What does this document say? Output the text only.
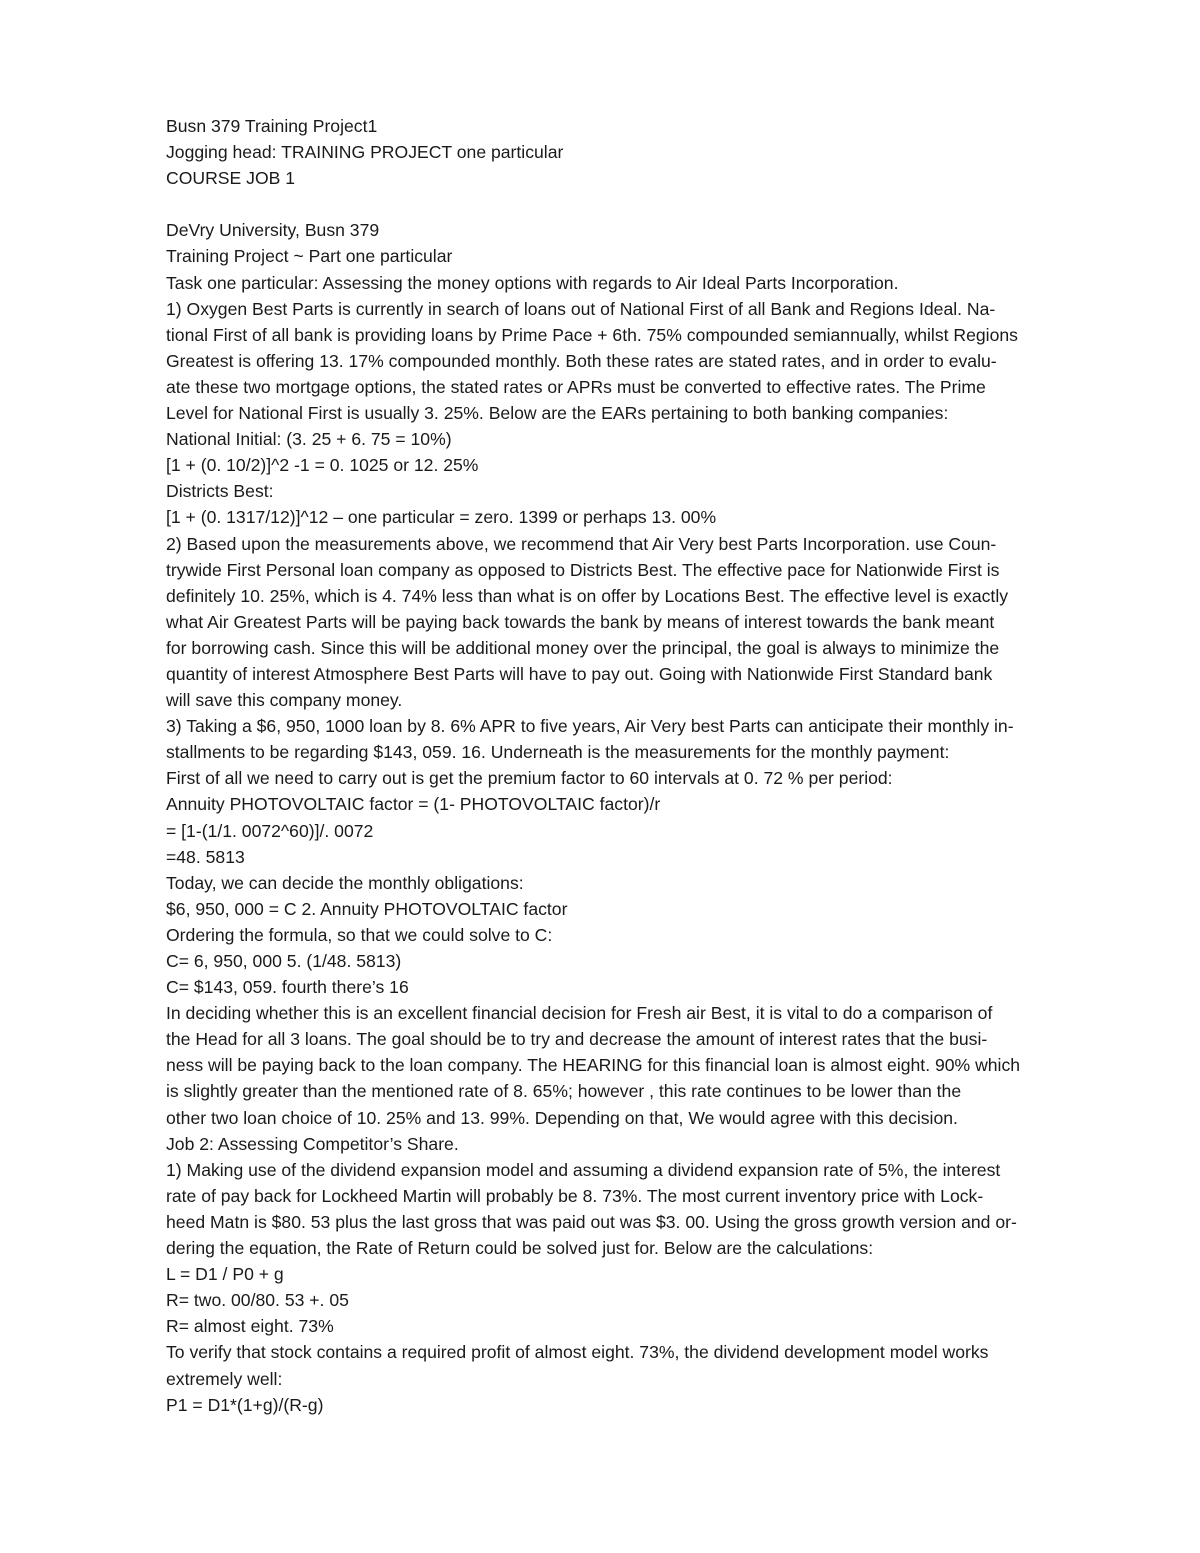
Busn 379 Training Project1
Jogging head: TRAINING PROJECT one particular
COURSE JOB 1
DeVry University, Busn 379
Training Project ~ Part one particular
Task one particular: Assessing the money options with regards to Air Ideal Parts Incorporation.
1) Oxygen Best Parts is currently in search of loans out of National First of all Bank and Regions Ideal. Na-
tional First of all bank is providing loans by Prime Pace + 6th. 75% compounded semiannually, whilst Regions
Greatest is offering 13. 17% compounded monthly. Both these rates are stated rates, and in order to evalu-
ate these two mortgage options, the stated rates or APRs must be converted to effective rates. The Prime
Level for National First is usually 3. 25%. Below are the EARs pertaining to both banking companies:
National Initial: (3. 25 + 6. 75 = 10%)
[1 + (0. 10/2)]^2 -1 = 0. 1025 or 12. 25%
Districts Best:
[1 + (0. 1317/12)]^12 – one particular = zero. 1399 or perhaps 13. 00%
2) Based upon the measurements above, we recommend that Air Very best Parts Incorporation. use Coun-
trywide First Personal loan company as opposed to Districts Best. The effective pace for Nationwide First is
definitely 10. 25%, which is 4. 74% less than what is on offer by Locations Best. The effective level is exactly
what Air Greatest Parts will be paying back towards the bank by means of interest towards the bank meant
for borrowing cash. Since this will be additional money over the principal, the goal is always to minimize the
quantity of interest Atmosphere Best Parts will have to pay out. Going with Nationwide First Standard bank
will save this company money.
3) Taking a $6, 950, 1000 loan by 8. 6% APR to five years, Air Very best Parts can anticipate their monthly in-
stallments to be regarding $143, 059. 16. Underneath is the measurements for the monthly payment:
First of all we need to carry out is get the premium factor to 60 intervals at 0. 72 % per period:
Annuity PHOTOVOLTAIC factor = (1- PHOTOVOLTAIC factor)/r
= [1-(1/1. 0072^60)]/. 0072
=48. 5813
Today, we can decide the monthly obligations:
$6, 950, 000 = C 2. Annuity PHOTOVOLTAIC factor
Ordering the formula, so that we could solve to C:
C= 6, 950, 000 5. (1/48. 5813)
C= $143, 059. fourth there’s 16
In deciding whether this is an excellent financial decision for Fresh air Best, it is vital to do a comparison of
the Head for all 3 loans. The goal should be to try and decrease the amount of interest rates that the busi-
ness will be paying back to the loan company. The HEARING for this financial loan is almost eight. 90% which
is slightly greater than the mentioned rate of 8. 65%; however , this rate continues to be lower than the
other two loan choice of 10. 25% and 13. 99%. Depending on that, We would agree with this decision.
Job 2: Assessing Competitor’s Share.
1) Making use of the dividend expansion model and assuming a dividend expansion rate of 5%, the interest
rate of pay back for Lockheed Martin will probably be 8. 73%. The most current inventory price with Lock-
heed Matn is $80. 53 plus the last gross that was paid out was $3. 00. Using the gross growth version and or-
dering the equation, the Rate of Return could be solved just for. Below are the calculations:
L = D1 / P0 + g
R= two. 00/80. 53 +. 05
R= almost eight. 73%
To verify that stock contains a required profit of almost eight. 73%, the dividend development model works
extremely well:
P1 = D1*(1+g)/(R-g)
